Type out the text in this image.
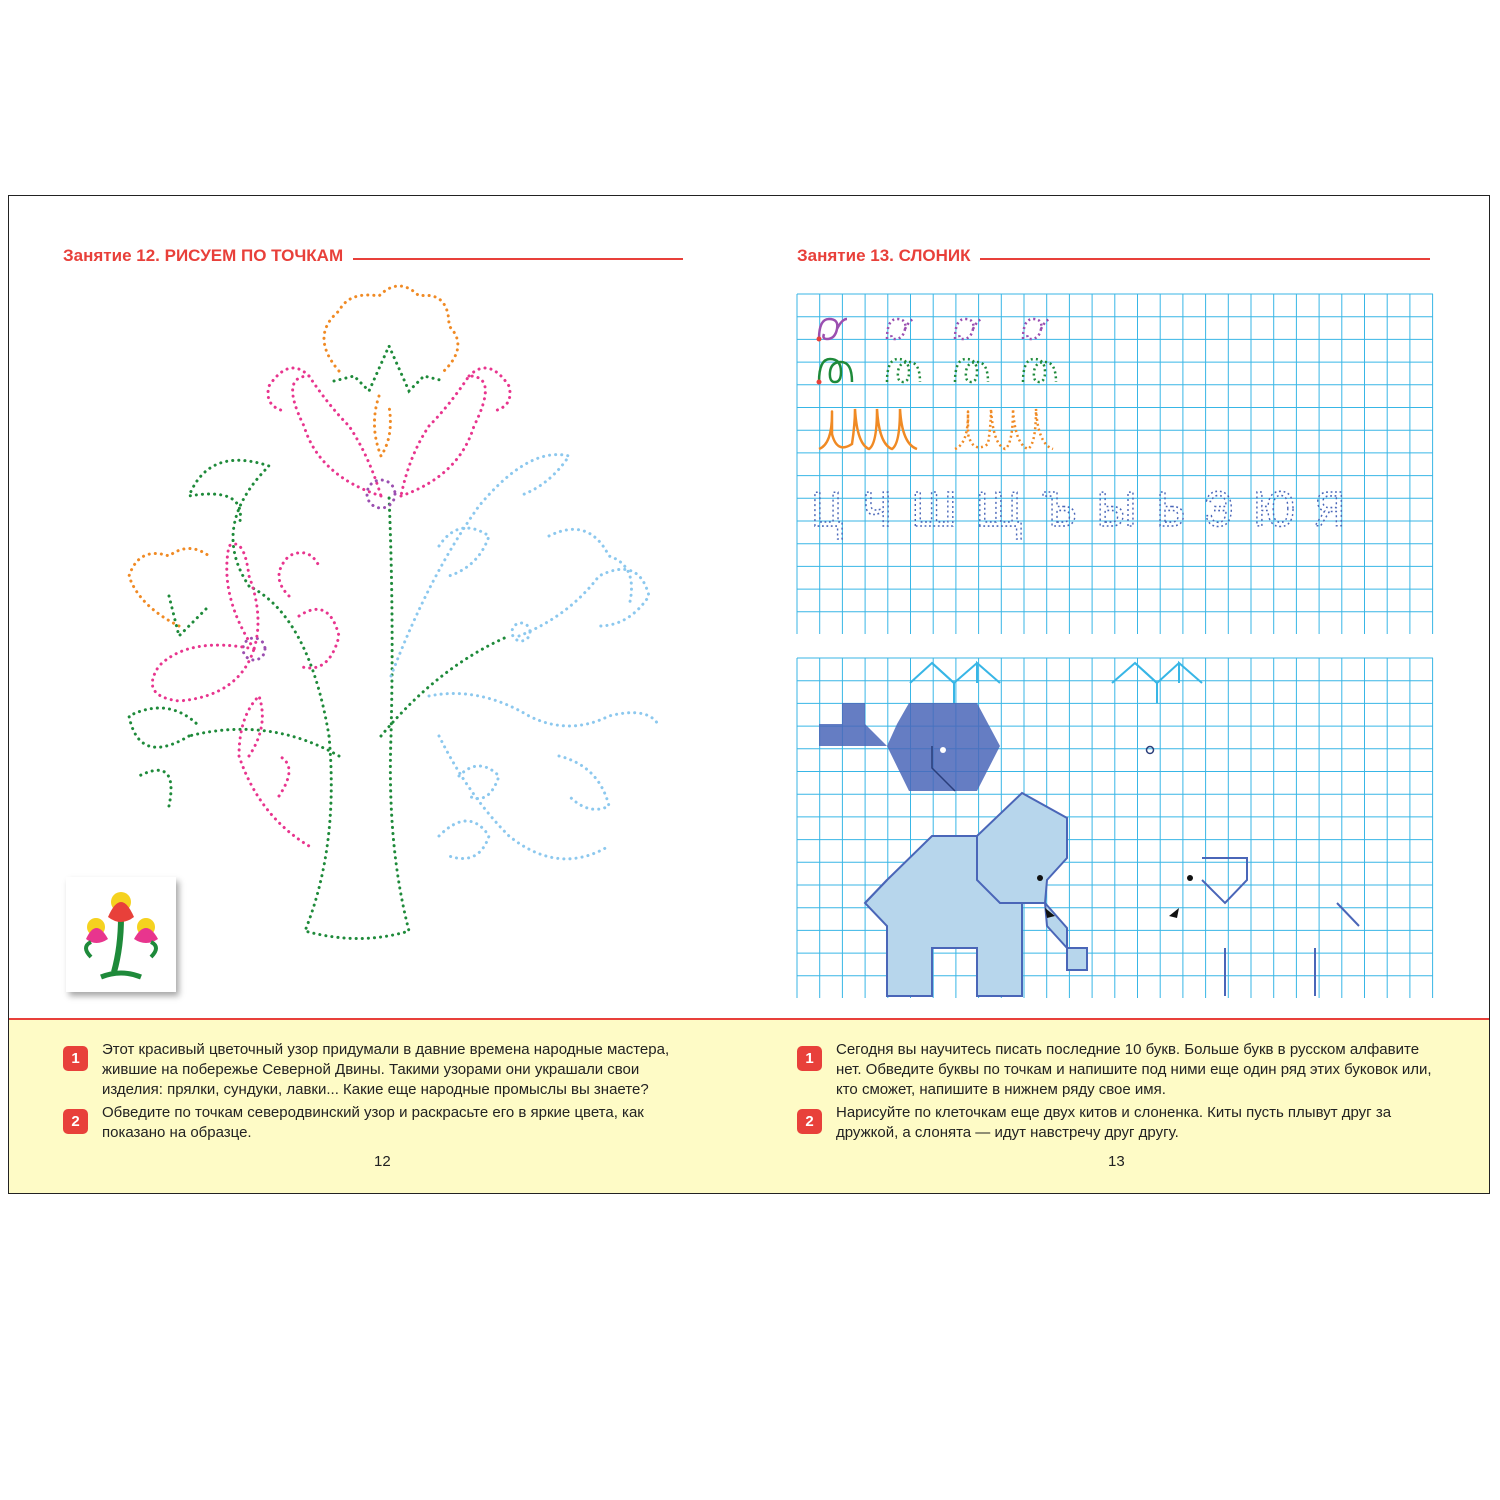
Занятие 12. РИСУЕМ ПО ТОЧКАМ	Занятие 13. СЛОНИК
ц ч ш щ ъ ы ь э ю я
1
Этот красивый цветочный узор придумали в давние времена народные мастера, жившие на побережье Северной Двины. Такими узорами они украшали свои изделия: прялки, сундуки, лавки... Какие еще народные промыслы вы знаете?
2
Обведите по точкам северодвинский узор и раскрасьте его в яркие цвета, как показано на образце.
1
Сегодня вы научитесь писать последние 10 букв. Больше букв в русском алфавите нет. Обведите буквы по точкам и напишите под ними еще один ряд этих буковок или, кто сможет, напишите в нижнем ряду свое имя.
2
Нарисуйте по клеточкам еще двух китов и слоненка. Киты пусть плывут друг за дружкой, а слонята — идут навстречу друг другу.
12	13
